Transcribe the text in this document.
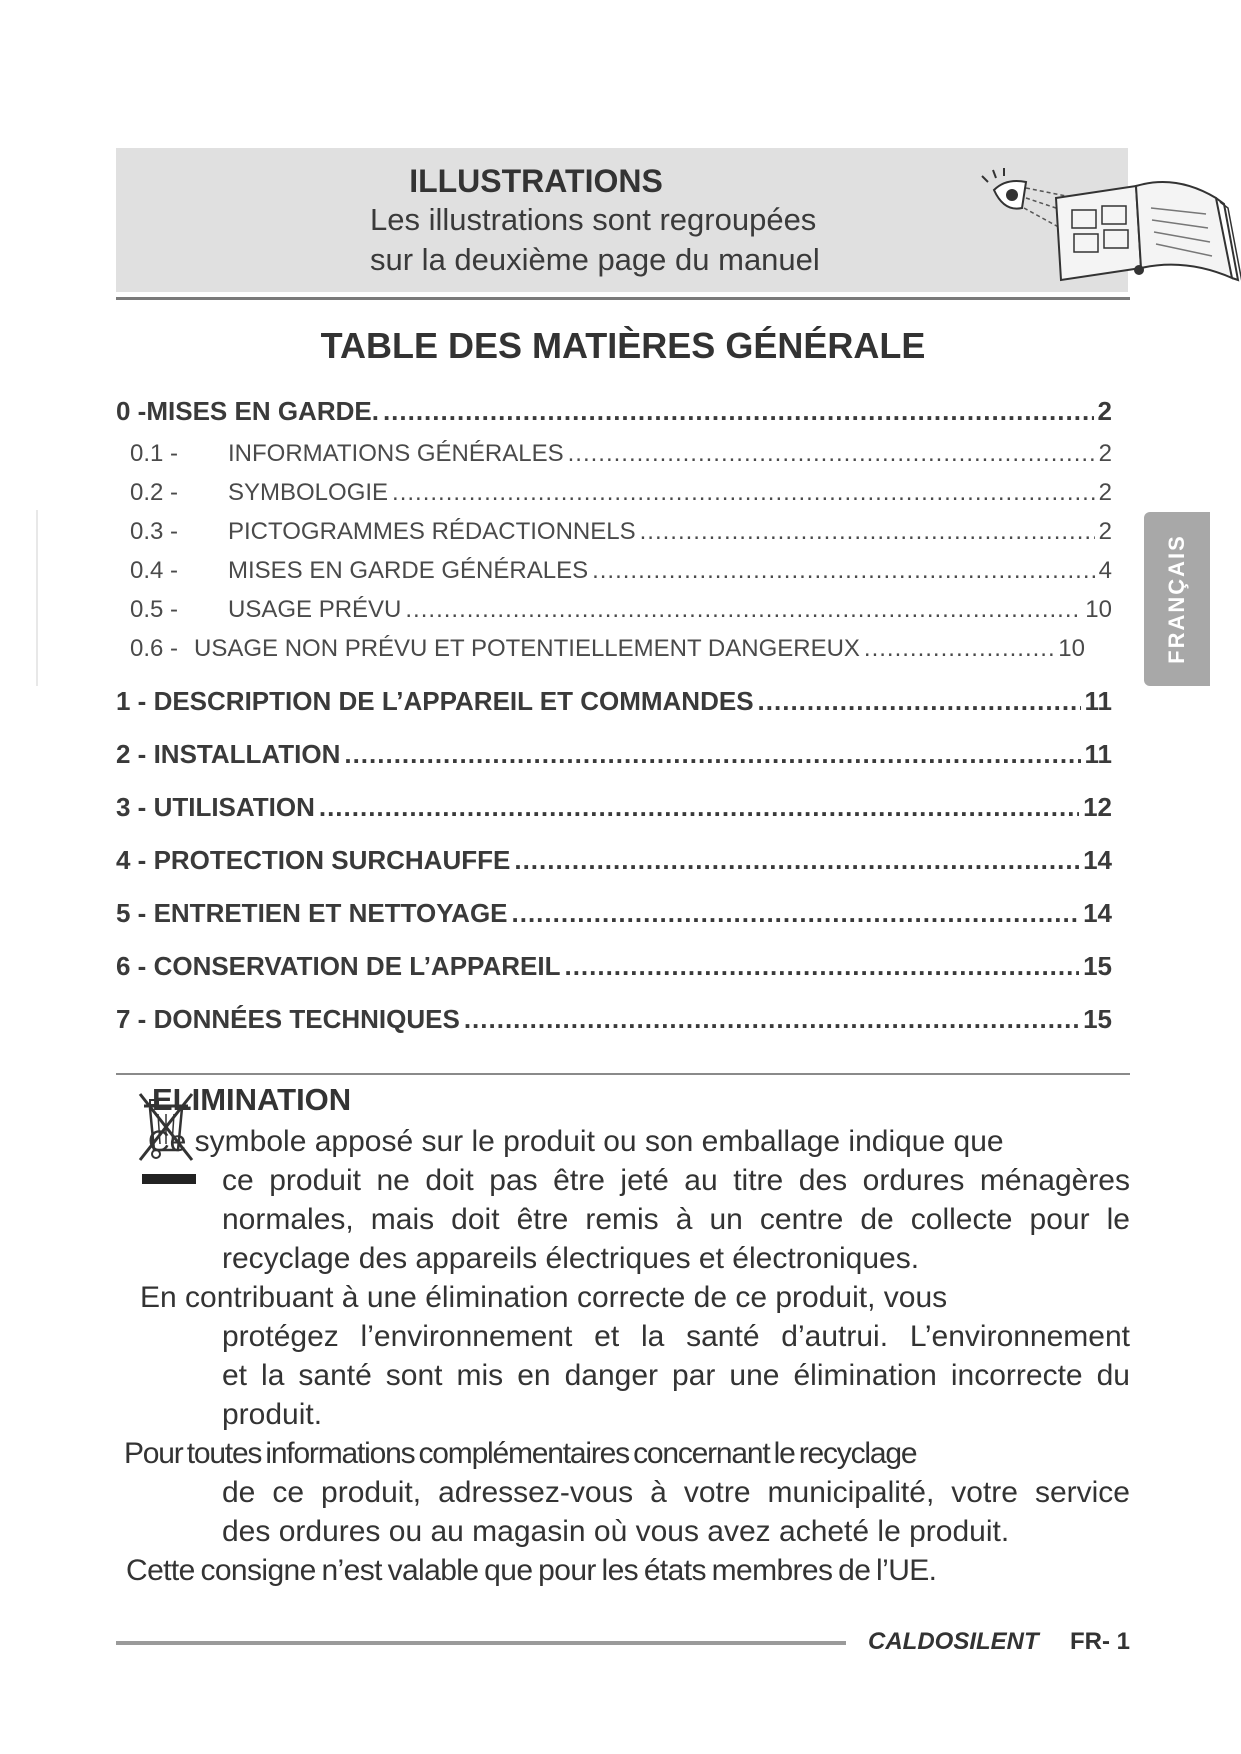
ILLUSTRATIONS
Les illustrations sont regroupées
sur la deuxième page du manuel
TABLE DES MATIÈRES GÉNÉRALE
0 -MISES EN GARDE. .....	2
0.1 -	INFORMATIONS GÉNÉRALES .....	2
0.2 -	SYMBOLOGIE .....	2
0.3 -	PICTOGRAMMES RÉDACTIONNELS .....	2
0.4 -	MISES EN GARDE GÉNÉRALES .....	4
0.5 -	USAGE PRÉVU .....	10
0.6 - USAGE NON PRÉVU ET POTENTIELLEMENT DANGEREUX .....	10
1 - DESCRIPTION DE L’APPAREIL ET COMMANDES .....	11
2 - INSTALLATION .....	11
3 - UTILISATION .....	12
4 - PROTECTION SURCHAUFFE .....	14
5 - ENTRETIEN ET NETTOYAGE .....	14
6 - CONSERVATION DE L’APPAREIL .....	15
7 - DONNÉES TECHNIQUES .....	15
FRANÇAIS
ELIMINATION
Ce symbole apposé sur le produit ou son emballage indique que
ce produit ne doit pas être jeté au titre des ordures ménagères
normales, mais doit être remis à un centre de collecte pour le
recyclage des appareils électriques et électroniques.
En contribuant à une élimination correcte de ce produit, vous
protégez l’environnement et la santé d’autrui. L’environnement
et la santé sont mis en danger par une élimination incorrecte du
produit.
Pour toutes informations complémentaires concernant le recyclage
de ce produit, adressez-vous à votre municipalité, votre service
des ordures ou au magasin où vous avez acheté le produit.
Cette consigne n’est valable que pour les états membres de l’UE.
CALDOSILENT FR- 1
